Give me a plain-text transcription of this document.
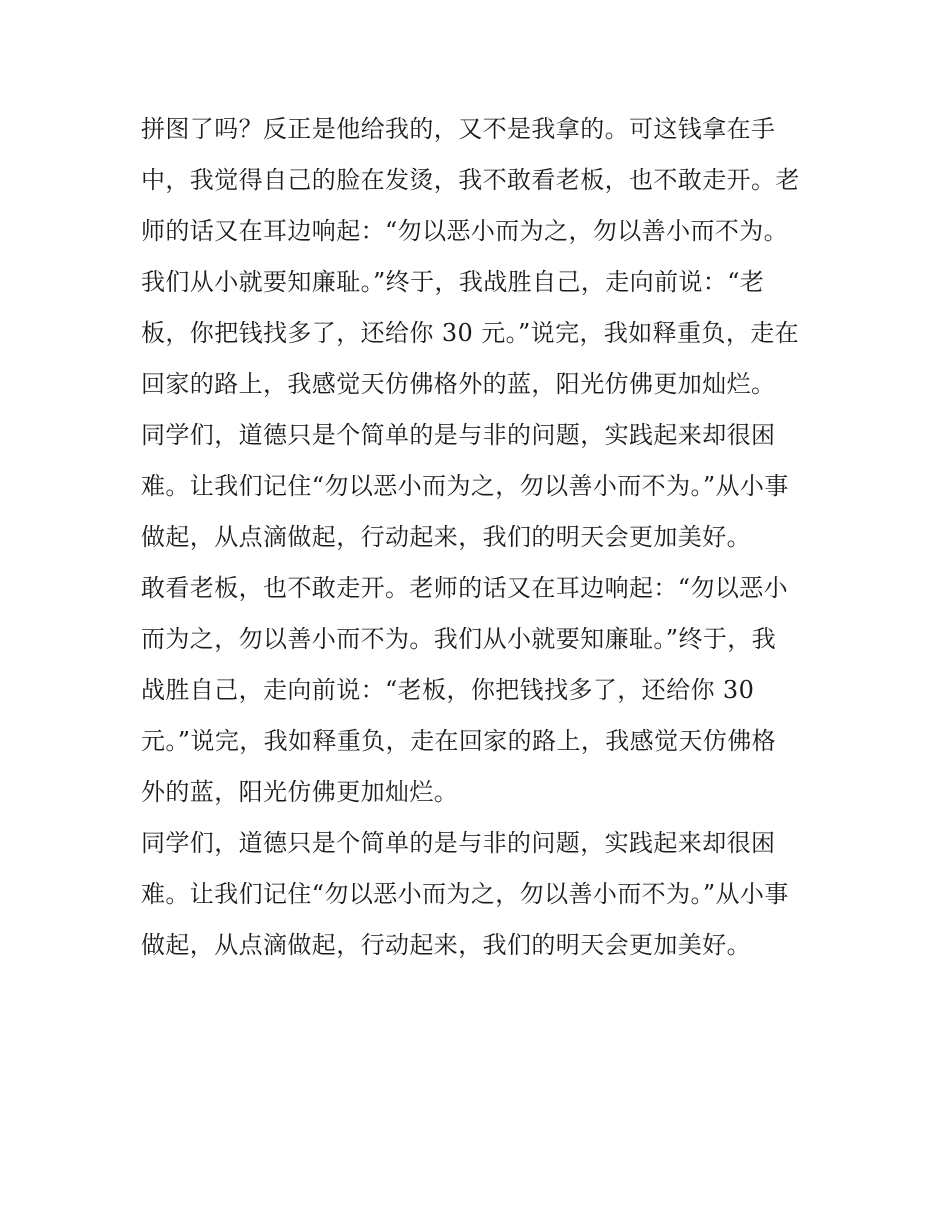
拼图了吗？反正是他给我的，又不是我拿的。可这钱拿在手
中，我觉得自己的脸在发烫，我不敢看老板，也不敢走开。老
师的话又在耳边响起：“勿以恶小而为之，勿以善小而不为。
我们从小就要知廉耻。”终于，我战胜自己，走向前说：“老
板，你把钱找多了，还给你 30 元。”说完，我如释重负，走在
回家的路上，我感觉天仿佛格外的蓝，阳光仿佛更加灿烂。
同学们，道德只是个简单的是与非的问题，实践起来却很困
难。让我们记住“勿以恶小而为之，勿以善小而不为。”从小事
做起，从点滴做起，行动起来，我们的明天会更加美好。
敢看老板，也不敢走开。老师的话又在耳边响起：“勿以恶小
而为之，勿以善小而不为。我们从小就要知廉耻。”终于，我
战胜自己，走向前说：“老板，你把钱找多了，还给你 30
元。”说完，我如释重负，走在回家的路上，我感觉天仿佛格
外的蓝，阳光仿佛更加灿烂。
同学们，道德只是个简单的是与非的问题，实践起来却很困
难。让我们记住“勿以恶小而为之，勿以善小而不为。”从小事
做起，从点滴做起，行动起来，我们的明天会更加美好。
